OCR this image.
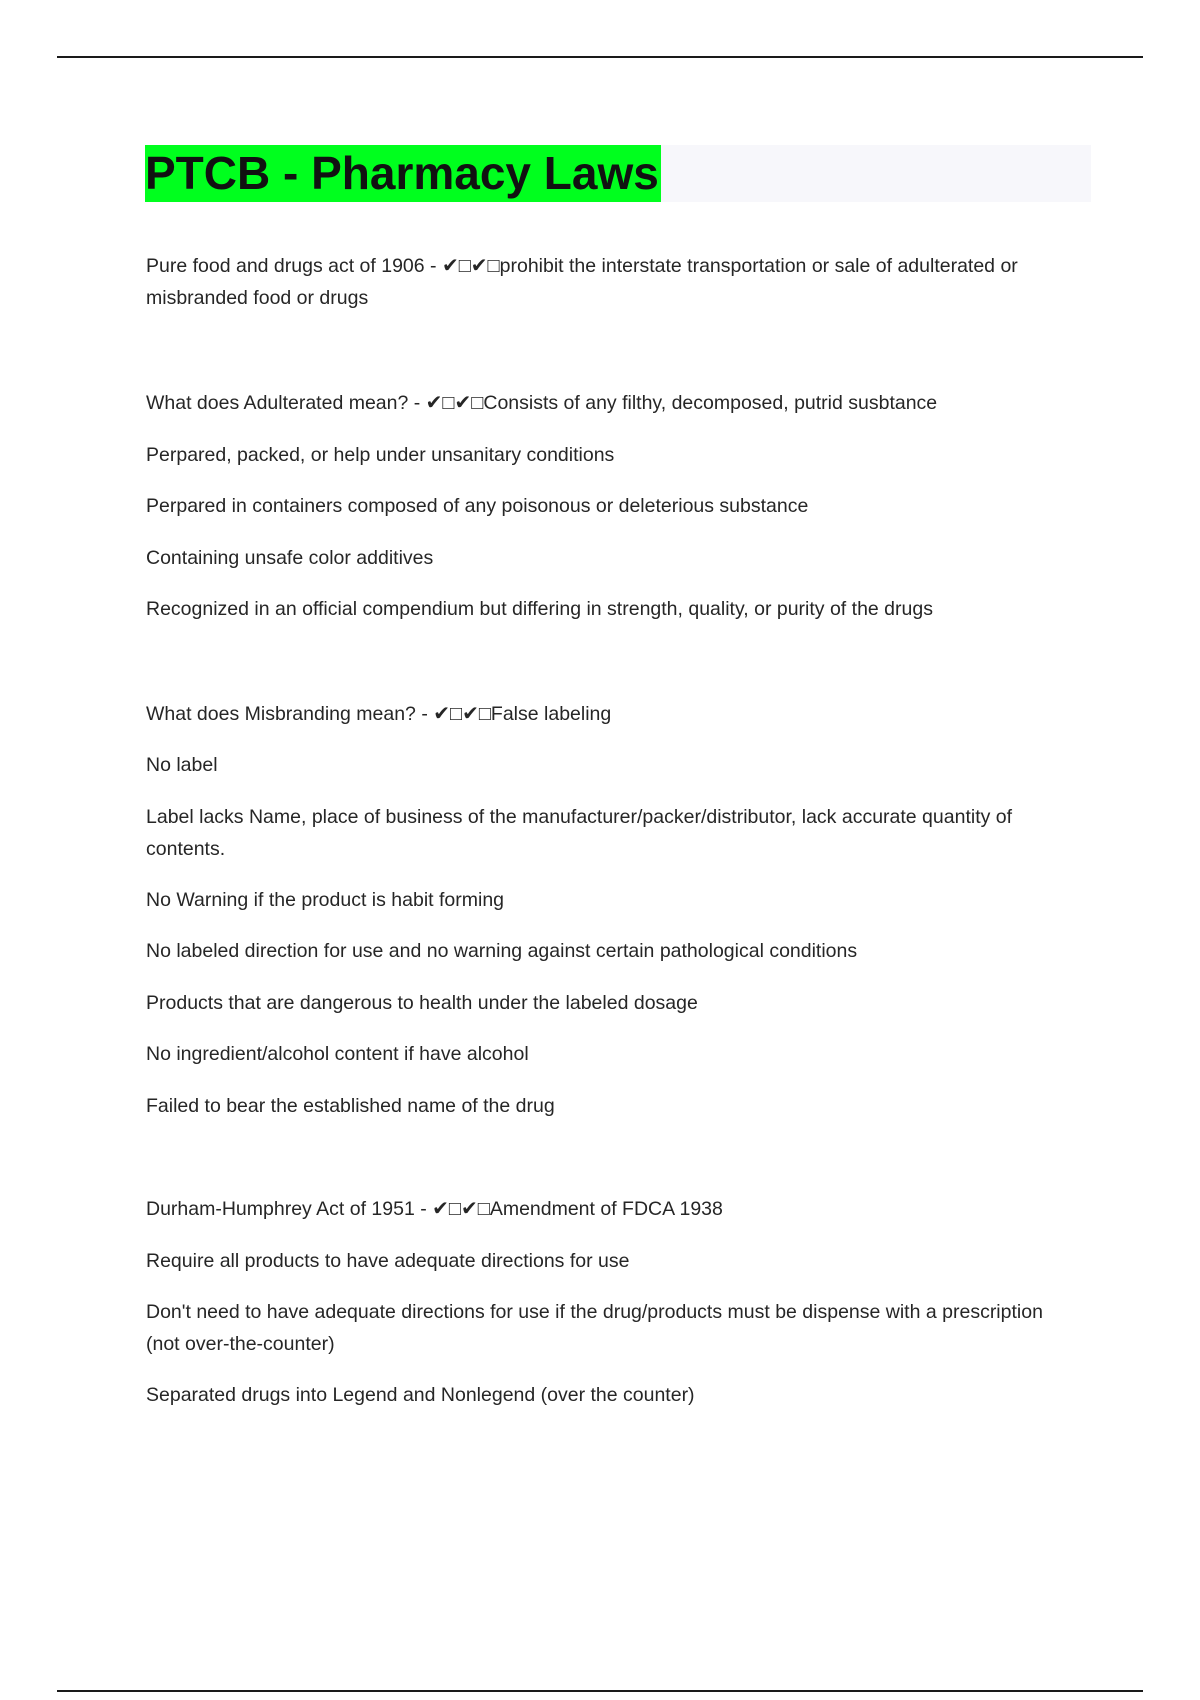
PTCB - Pharmacy Laws
Pure food and drugs act of 1906 - ✔□✔□prohibit the interstate transportation or sale of adulterated or misbranded food or drugs
What does Adulterated mean? - ✔□✔□Consists of any filthy, decomposed, putrid susbtance
Perpared, packed, or help under unsanitary conditions
Perpared in containers composed of any poisonous or deleterious substance
Containing unsafe color additives
Recognized in an official compendium but differing in strength, quality, or purity of the drugs
What does Misbranding mean? - ✔□✔□False labeling
No label
Label lacks Name, place of business of the manufacturer/packer/distributor, lack accurate quantity of contents.
No Warning if the product is habit forming
No labeled direction for use and no warning against certain pathological conditions
Products that are dangerous to health under the labeled dosage
No ingredient/alcohol content if have alcohol
Failed to bear the established name of the drug
Durham-Humphrey Act of 1951 - ✔□✔□Amendment of FDCA 1938
Require all products to have adequate directions for use
Don't need to have adequate directions for use if the drug/products must be dispense with a prescription (not over-the-counter)
Separated drugs into Legend and Nonlegend (over the counter)
